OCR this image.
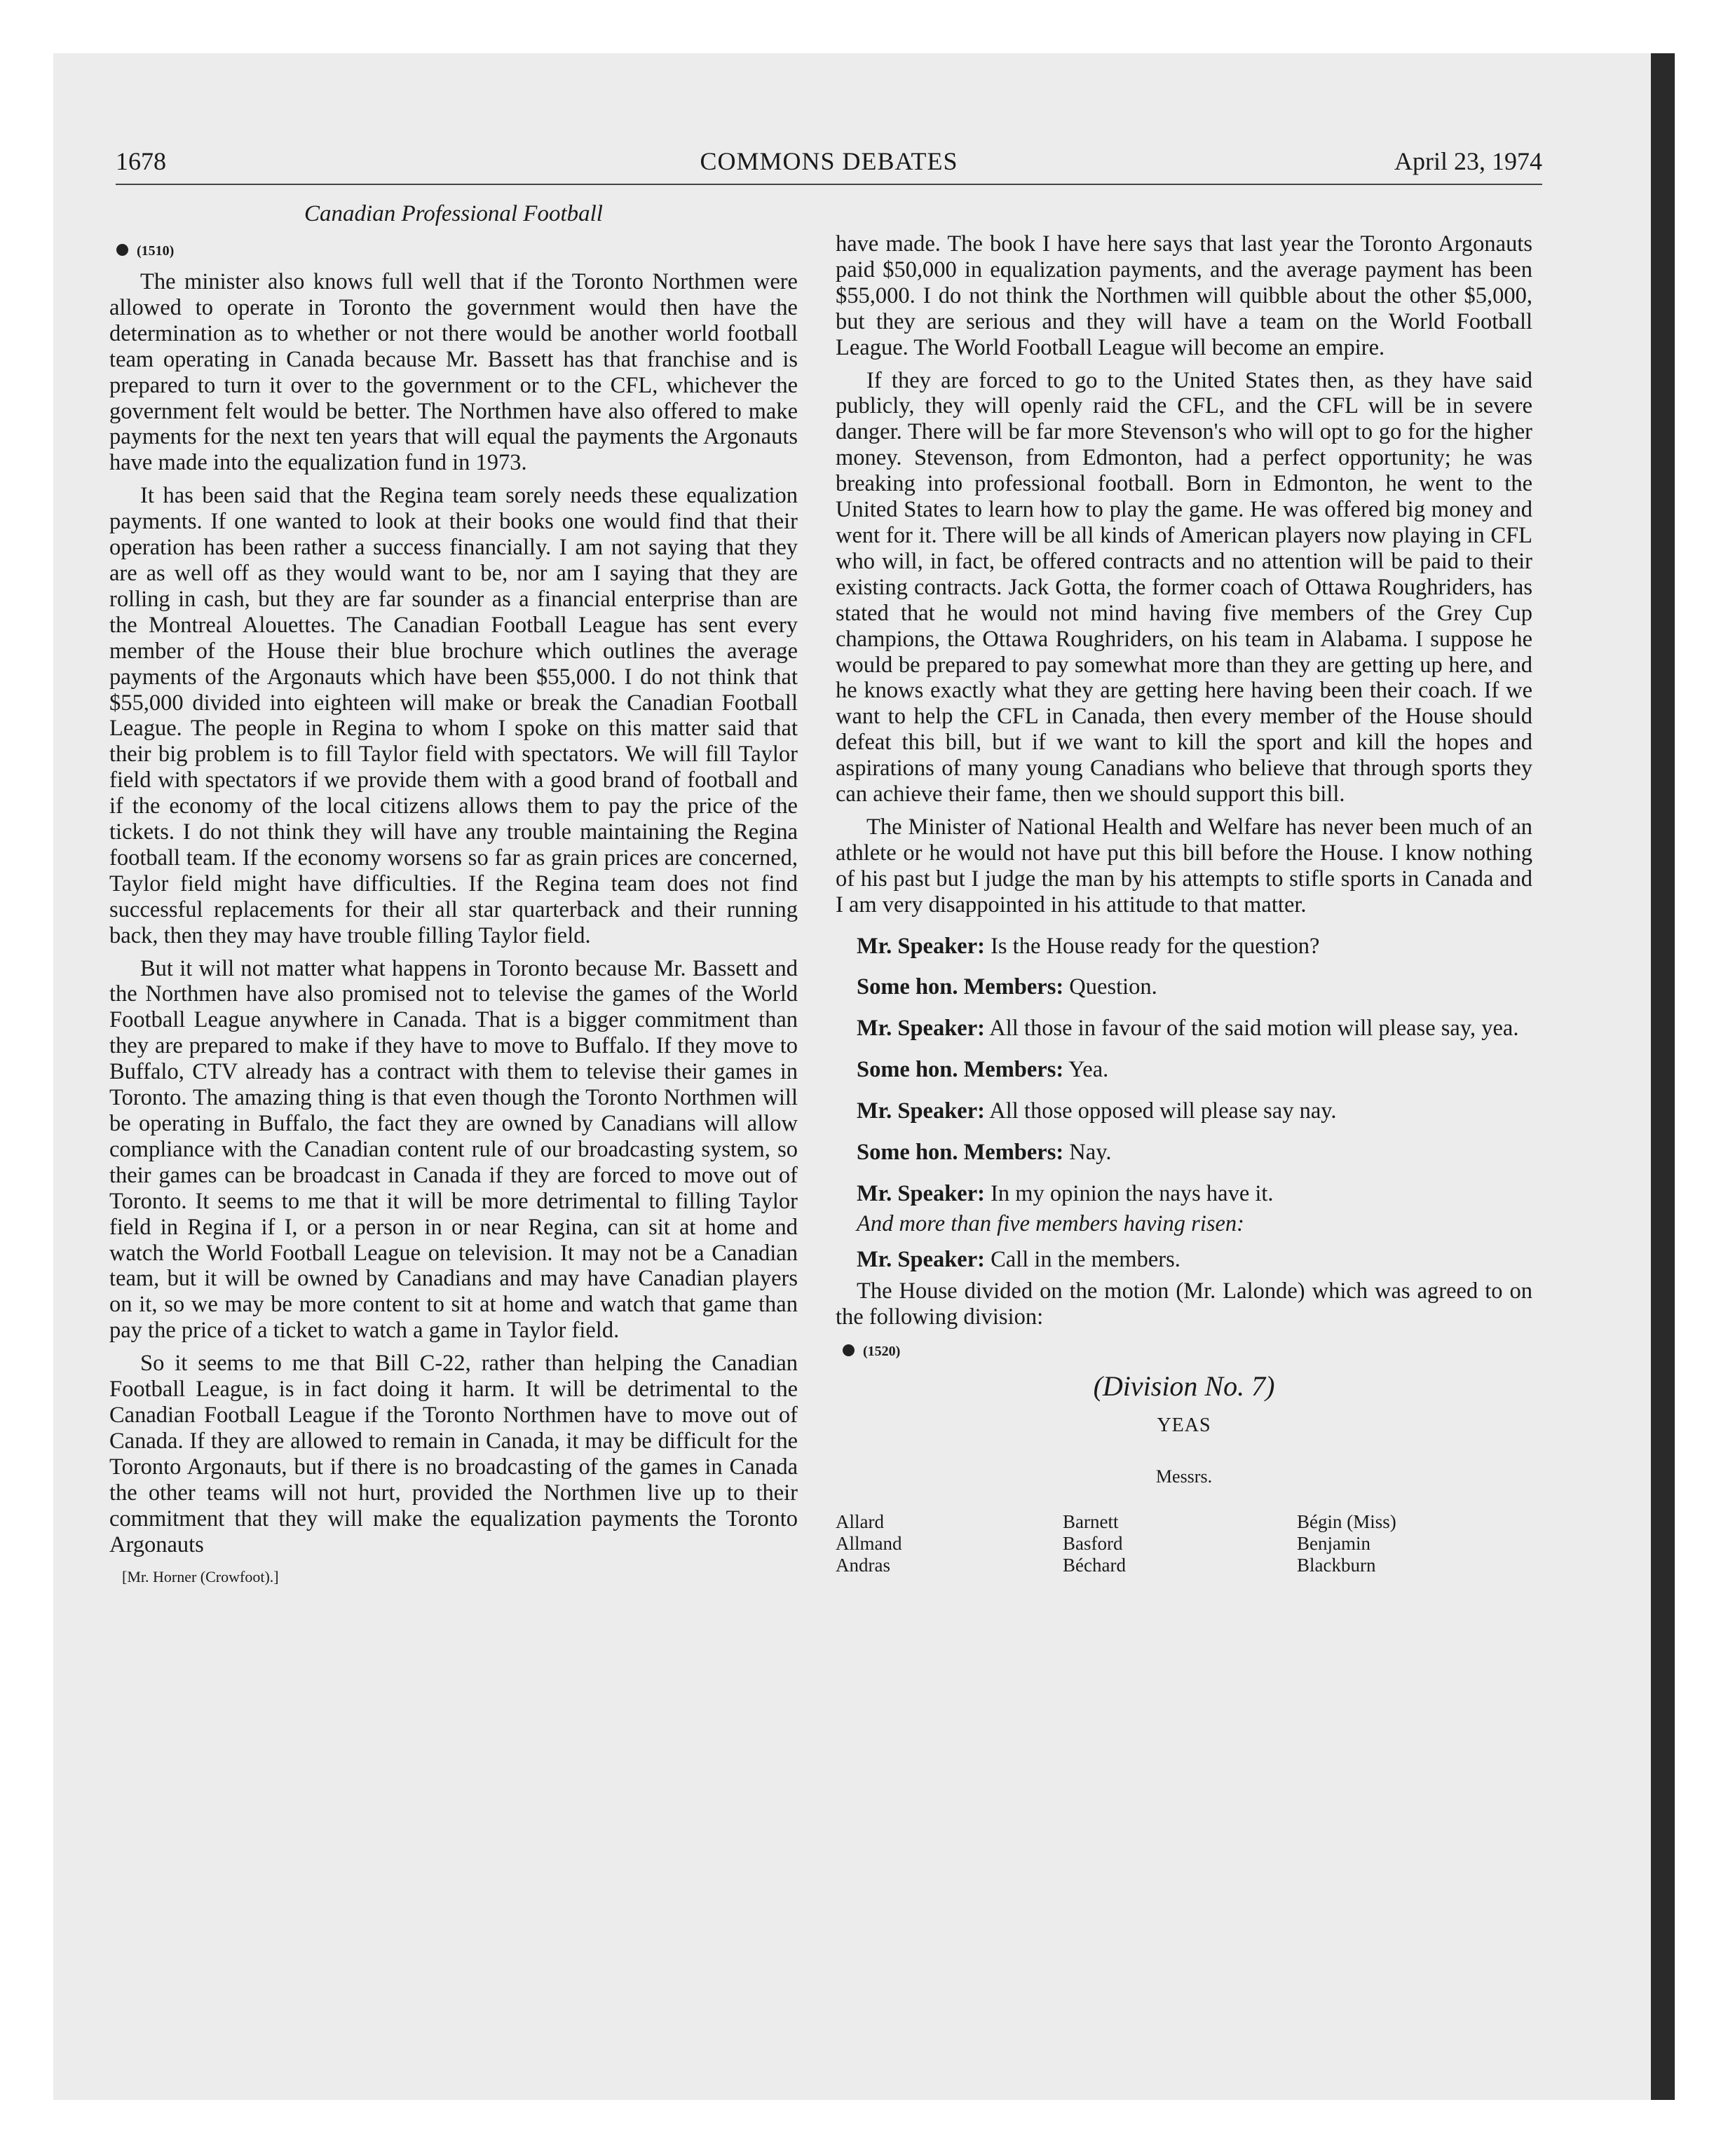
1678	COMMONS DEBATES	April 23, 1974
Canadian Professional Football
(1510)

The minister also knows full well that if the Toronto Northmen were allowed to operate in Toronto the government would then have the determination as to whether or not there would be another world football team operating in Canada because Mr. Bassett has that franchise and is prepared to turn it over to the government or to the CFL, whichever the government felt would be better. The Northmen have also offered to make payments for the next ten years that will equal the payments the Argonauts have made into the equalization fund in 1973.

It has been said that the Regina team sorely needs these equalization payments. If one wanted to look at their books one would find that their operation has been rather a success financially. I am not saying that they are as well off as they would want to be, nor am I saying that they are rolling in cash, but they are far sounder as a financial enterprise than are the Montreal Alouettes. The Canadian Football League has sent every member of the House their blue brochure which outlines the average payments of the Argonauts which have been $55,000. I do not think that $55,000 divided into eighteen will make or break the Canadian Football League. The people in Regina to whom I spoke on this matter said that their big problem is to fill Taylor field with spectators. We will fill Taylor field with spectators if we provide them with a good brand of football and if the economy of the local citizens allows them to pay the price of the tickets. I do not think they will have any trouble maintaining the Regina football team. If the economy worsens so far as grain prices are concerned, Taylor field might have difficulties. If the Regina team does not find successful replacements for their all star quarterback and their running back, then they may have trouble filling Taylor field.

But it will not matter what happens in Toronto because Mr. Bassett and the Northmen have also promised not to televise the games of the World Football League anywhere in Canada. That is a bigger commitment than they are prepared to make if they have to move to Buffalo. If they move to Buffalo, CTV already has a contract with them to televise their games in Toronto. The amazing thing is that even though the Toronto Northmen will be operating in Buffalo, the fact they are owned by Canadians will allow compliance with the Canadian content rule of our broadcasting system, so their games can be broadcast in Canada if they are forced to move out of Toronto. It seems to me that it will be more detrimental to filling Taylor field in Regina if I, or a person in or near Regina, can sit at home and watch the World Football League on television. It may not be a Canadian team, but it will be owned by Canadians and may have Canadian players on it, so we may be more content to sit at home and watch that game than pay the price of a ticket to watch a game in Taylor field.

So it seems to me that Bill C-22, rather than helping the Canadian Football League, is in fact doing it harm. It will be detrimental to the Canadian Football League if the Toronto Northmen have to move out of Canada. If they are allowed to remain in Canada, it may be difficult for the Toronto Argonauts, but if there is no broadcasting of the games in Canada the other teams will not hurt, provided the Northmen live up to their commitment that they will make the equalization payments the Toronto Argonauts

[Mr. Horner (Crowfoot).]

have made. The book I have here says that last year the Toronto Argonauts paid $50,000 in equalization payments, and the average payment has been $55,000. I do not think the Northmen will quibble about the other $5,000, but they are serious and they will have a team on the World Football League. The World Football League will become an empire.

If they are forced to go to the United States then, as they have said publicly, they will openly raid the CFL, and the CFL will be in severe danger. There will be far more Stevenson's who will opt to go for the higher money. Stevenson, from Edmonton, had a perfect opportunity; he was breaking into professional football. Born in Edmonton, he went to the United States to learn how to play the game. He was offered big money and went for it. There will be all kinds of American players now playing in CFL who will, in fact, be offered contracts and no attention will be paid to their existing contracts. Jack Gotta, the former coach of Ottawa Roughriders, has stated that he would not mind having five members of the Grey Cup champions, the Ottawa Roughriders, on his team in Alabama. I suppose he would be prepared to pay somewhat more than they are getting up here, and he knows exactly what they are getting here having been their coach. If we want to help the CFL in Canada, then every member of the House should defeat this bill, but if we want to kill the sport and kill the hopes and aspirations of many young Canadians who believe that through sports they can achieve their fame, then we should support this bill.

The Minister of National Health and Welfare has never been much of an athlete or he would not have put this bill before the House. I know nothing of his past but I judge the man by his attempts to stifle sports in Canada and I am very disappointed in his attitude to that matter.

Mr. Speaker: Is the House ready for the question?

Some hon. Members: Question.

Mr. Speaker: All those in favour of the said motion will please say, yea.

Some hon. Members: Yea.

Mr. Speaker: All those opposed will please say nay.

Some hon. Members: Nay.

Mr. Speaker: In my opinion the nays have it.

And more than five members having risen:

Mr. Speaker: Call in the members.

The House divided on the motion (Mr. Lalonde) which was agreed to on the following division:

(1520)
(Division No. 7)
YEAS
Messrs.
Allard	Barnett	Bégin (Miss)
Allmand	Basford	Benjamin
Andras	Béchard	Blackburn
